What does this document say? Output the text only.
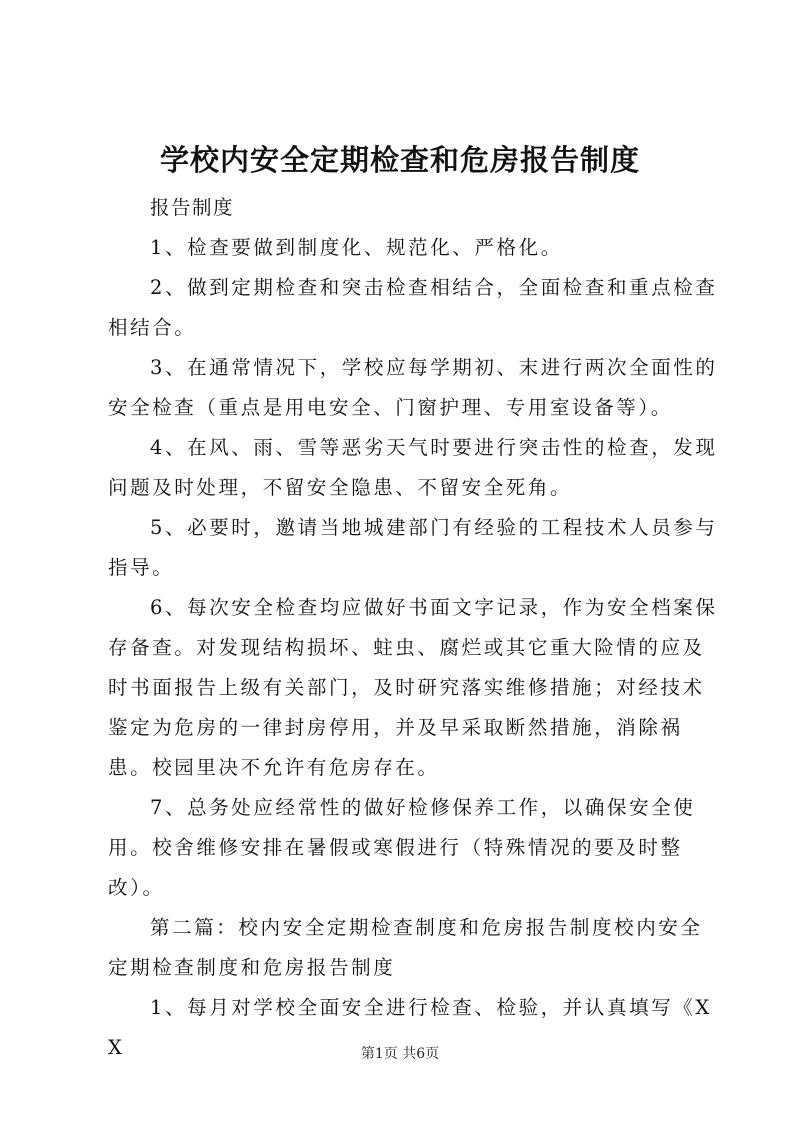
学校内安全定期检查和危房报告制度

报告制度

1、检查要做到制度化、规范化、严格化。

2、做到定期检查和突击检查相结合，全面检查和重点检查相结合。

3、在通常情况下，学校应每学期初、末进行两次全面性的安全检查（重点是用电安全、门窗护理、专用室设备等）。

4、在风、雨、雪等恶劣天气时要进行突击性的检查，发现问题及时处理，不留安全隐患、不留安全死角。

5、必要时，邀请当地城建部门有经验的工程技术人员参与指导。

6、每次安全检查均应做好书面文字记录，作为安全档案保存备查。对发现结构损坏、蛀虫、腐烂或其它重大险情的应及时书面报告上级有关部门，及时研究落实维修措施；对经技术鉴定为危房的一律封房停用，并及早采取断然措施，消除祸患。校园里决不允许有危房存在。

7、总务处应经常性的做好检修保养工作，以确保安全使用。校舍维修安排在暑假或寒假进行（特殊情况的要及时整改）。

第二篇：校内安全定期检查制度和危房报告制度校内安全定期检查制度和危房报告制度

1、每月对学校全面安全进行检查、检验，并认真填写《XX	第1页 共6页
